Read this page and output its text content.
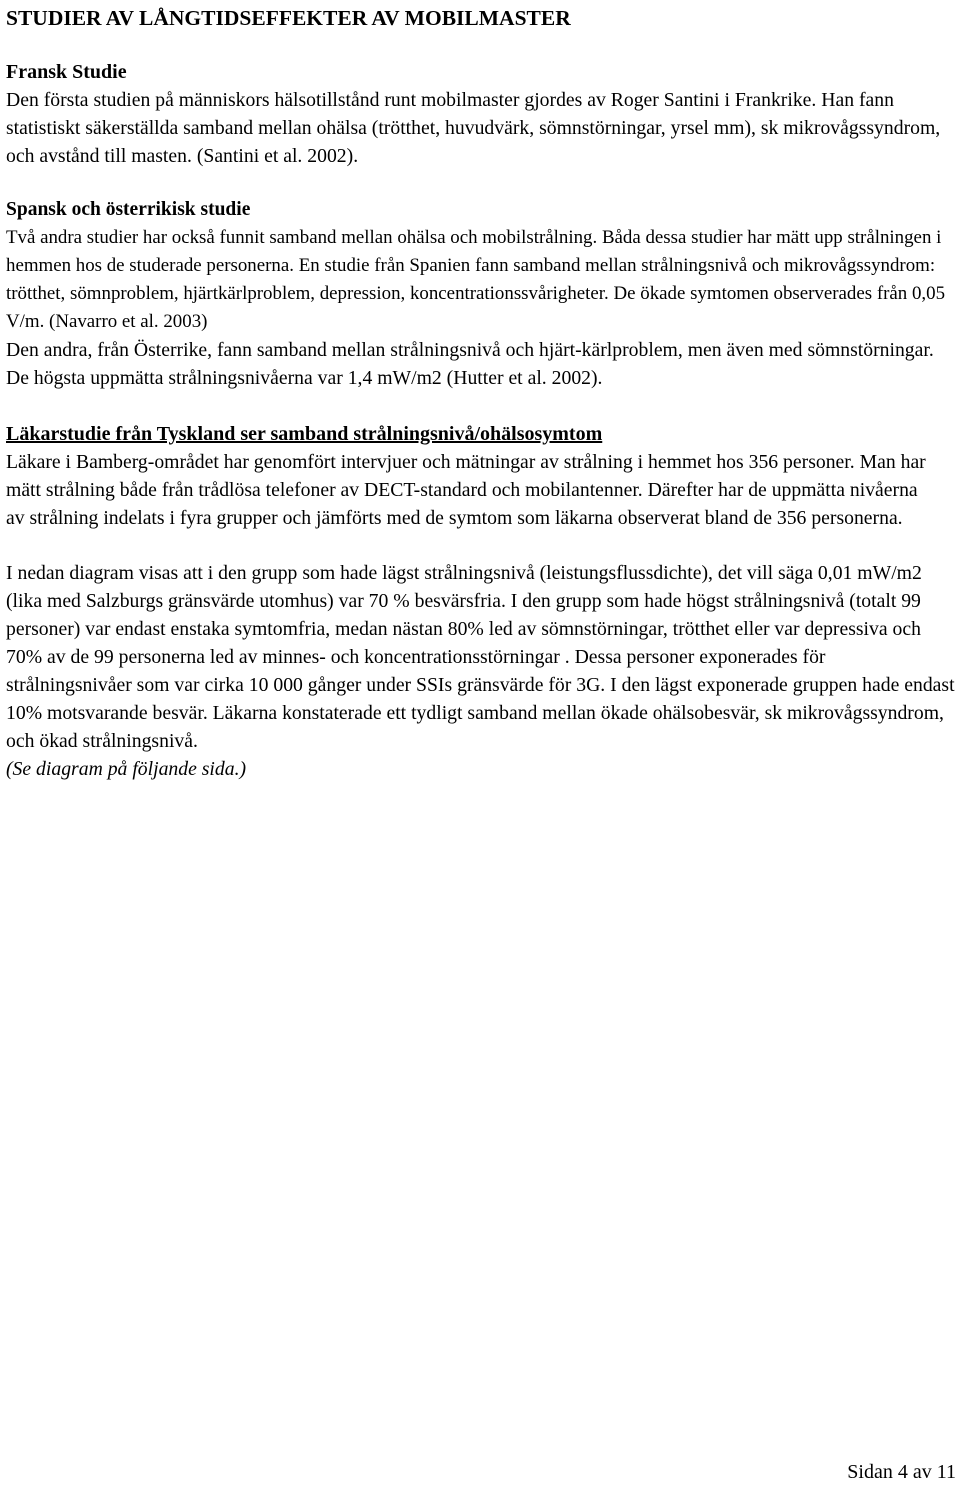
STUDIER AV LÅNGTIDSEFFEKTER AV MOBILMASTER
Fransk Studie

Den första studien på människors hälsotillstånd runt mobilmaster gjordes av Roger Santini i Frankrike. Han fann statistiskt säkerställda samband mellan ohälsa (trötthet, huvudvärk, sömnstörningar, yrsel mm), sk mikrovågssyndrom, och avstånd till masten. (Santini et al. 2002).

Spansk och österrikisk studie

Två andra studier har också funnit samband mellan ohälsa och mobilstrålning. Båda dessa studier har mätt upp strålningen i hemmen hos de studerade personerna. En studie från Spanien fann samband mellan strålningsnivå och mikrovågssyndrom: trötthet, sömnproblem, hjärtkärlproblem, depression, koncentrationssvårigheter. De ökade symtomen observerades från 0,05 V/m. (Navarro et al. 2003)

Den andra, från Österrike, fann samband mellan strålningsnivå och hjärt-kärlproblem, men även med sömnstörningar. De högsta uppmätta strålningsnivåerna var 1,4 mW/m2 (Hutter et al. 2002).

Läkarstudie från Tyskland ser samband strålningsnivå/ohälsosymtom

Läkare i Bamberg-området har genomfört intervjuer och mätningar av strålning i hemmet hos 356 personer. Man har mätt strålning både från trådlösa telefoner av DECT-standard och mobilantenner. Därefter har de uppmätta nivåerna av strålning indelats i fyra grupper och jämförts med de symtom som läkarna observerat bland de 356 personerna.

I nedan diagram visas att i den grupp som hade lägst strålningsnivå (leistungsflussdichte), det vill säga 0,01 mW/m2 (lika med Salzburgs gränsvärde utomhus) var 70 % besvärsfria. I den grupp som hade högst strålningsnivå (totalt 99 personer) var endast enstaka symtomfria, medan nästan 80% led av sömnstörningar, trötthet eller var depressiva och 70% av de 99 personerna led av minnes- och koncentrationsstörningar . Dessa personer exponerades för strålningsnivåer som var cirka 10 000 gånger under SSIs gränsvärde för 3G. I den lägst exponerade gruppen hade endast 10% motsvarande besvär. Läkarna konstaterade ett tydligt samband mellan ökade ohälsobesvär, sk mikrovågssyndrom, och ökad strålningsnivå.

(Se diagram på följande sida.)

Sidan 4 av 11
